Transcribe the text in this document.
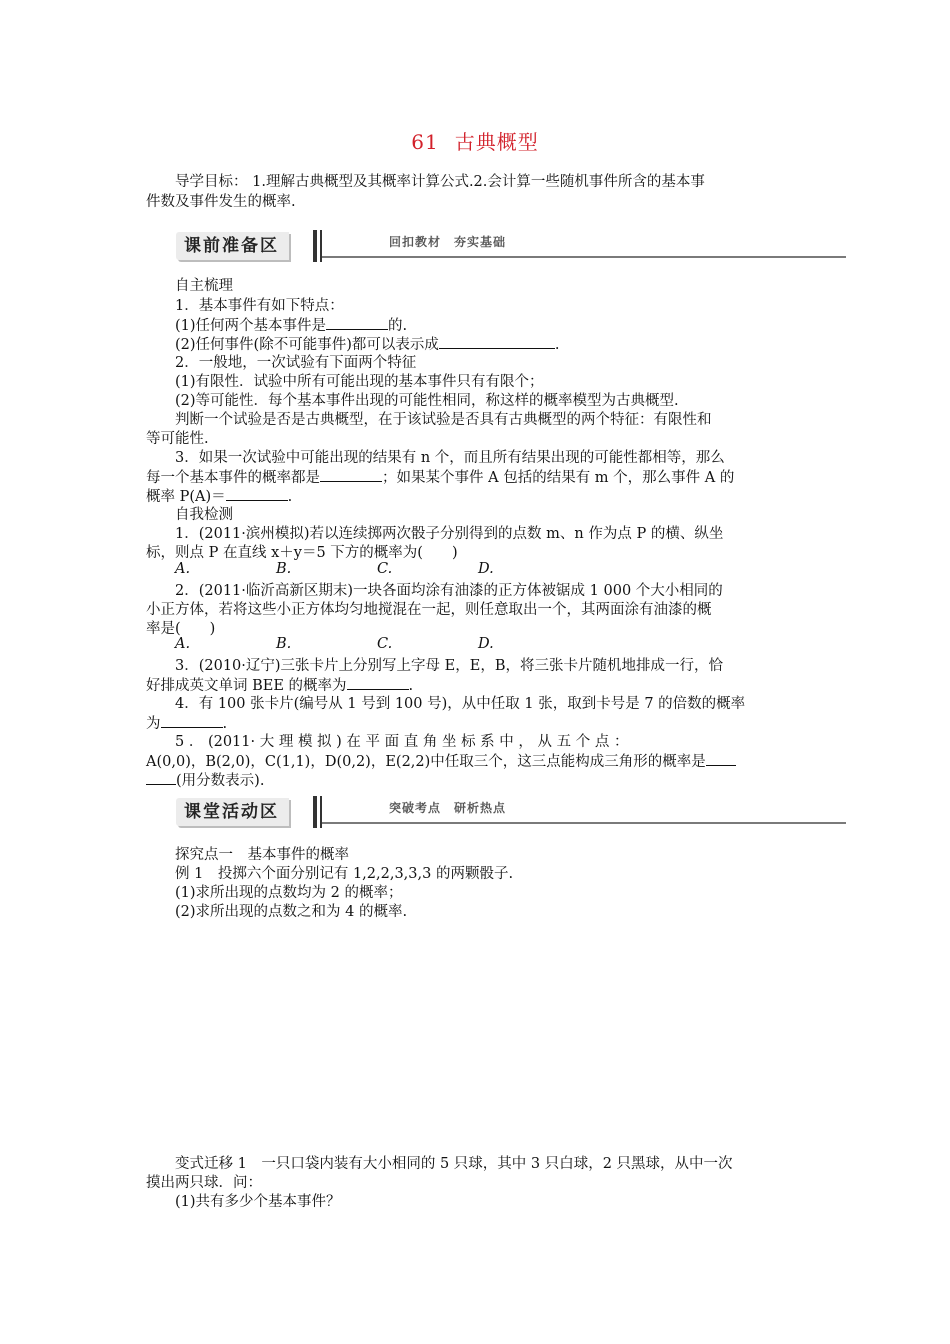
61 古典概型
导学目标： 1.理解古典概型及其概率计算公式.2.会计算一些随机事件所含的基本事
件数及事件发生的概率.
课前准备区	回扣教材　夯实基础
自主梳理
1．基本事件有如下特点：
(1)任何两个基本事件是	的.
(2)任何事件(除不可能事件)都可以表示成	.
2．一般地，一次试验有下面两个特征
(1)有限性．试验中所有可能出现的基本事件只有有限个；
(2)等可能性．每个基本事件出现的可能性相同，称这样的概率模型为古典概型.
判断一个试验是否是古典概型，在于该试验是否具有古典概型的两个特征：有限性和
等可能性.
3．如果一次试验中可能出现的结果有 n 个，而且所有结果出现的可能性都相等，那么
每一个基本事件的概率都是	；如果某个事件 A 包括的结果有 m 个，那么事件 A 的
概率 P(A)＝	.
自我检测
1．(2011·滨州模拟)若以连续掷两次骰子分别得到的点数 m、n 作为点 P 的横、纵坐
标，则点 P 在直线 x＋y＝5 下方的概率为(　　)
A.	B.	C.	D.
2．(2011·临沂高新区期末)一块各面均涂有油漆的正方体被锯成 1 000 个大小相同的
小正方体，若将这些小正方体均匀地搅混在一起，则任意取出一个，其两面涂有油漆的概
率是(　　)
A.	B.	C.	D.
3．(2010·辽宁)三张卡片上分别写上字母 E，E，B，将三张卡片随机地排成一行，恰
好排成英文单词 BEE 的概率为	.
4．有 100 张卡片(编号从 1 号到 100 号)，从中任取 1 张，取到卡号是 7 的倍数的概率
为	.
5 ． (2011· 大 理 模 拟 ) 在 平 面 直 角 坐 标 系 中 ， 从 五 个 点 ：
A(0,0)，B(2,0)，C(1,1)，D(0,2)，E(2,2)中任取三个，这三点能构成三角形的概率是
(用分数表示).
课堂活动区	突破考点　研析热点
探究点一　基本事件的概率
例 1　投掷六个面分别记有 1,2,2,3,3,3 的两颗骰子.
(1)求所出现的点数均为 2 的概率；
(2)求所出现的点数之和为 4 的概率.
变式迁移 1　一只口袋内装有大小相同的 5 只球，其中 3 只白球，2 只黑球，从中一次
摸出两只球．问：
(1)共有多少个基本事件？
